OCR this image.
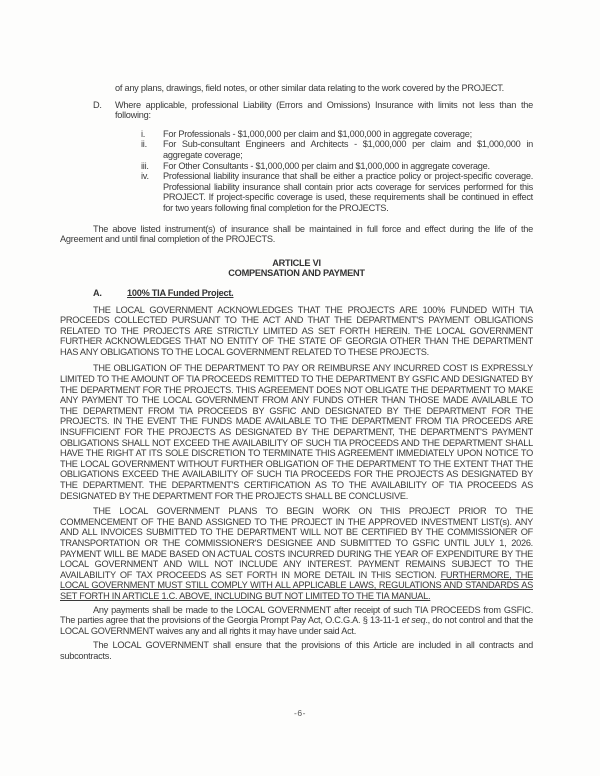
of any plans, drawings, field notes, or other similar data relating to the work covered by the PROJECT.

D. Where applicable, professional Liability (Errors and Omissions) Insurance with limits not less than the following:

i. For Professionals - $1,000,000 per claim and $1,000,000 in aggregate coverage;

ii. For Sub-consultant Engineers and Architects - $1,000,000 per claim and $1,000,000 in aggregate coverage;

iii. For Other Consultants - $1,000,000 per claim and $1,000,000 in aggregate coverage.

iv. Professional liability insurance that shall be either a practice policy or project-specific coverage. Professional liability insurance shall contain prior acts coverage for services performed for this PROJECT. If project-specific coverage is used, these requirements shall be continued in effect for two years following final completion for the PROJECTS.

The above listed instrument(s) of insurance shall be maintained in full force and effect during the life of the Agreement and until final completion of the PROJECTS.

ARTICLE VI
COMPENSATION AND PAYMENT
A.	100% TIA Funded Project.

THE LOCAL GOVERNMENT ACKNOWLEDGES THAT THE PROJECTS ARE 100% FUNDED WITH TIA PROCEEDS COLLECTED PURSUANT TO THE ACT AND THAT THE DEPARTMENT'S PAYMENT OBLIGATIONS RELATED TO THE PROJECTS ARE STRICTLY LIMITED AS SET FORTH HEREIN. THE LOCAL GOVERNMENT FURTHER ACKNOWLEDGES THAT NO ENTITY OF THE STATE OF GEORGIA OTHER THAN THE DEPARTMENT HAS ANY OBLIGATIONS TO THE LOCAL GOVERNMENT RELATED TO THESE PROJECTS.

THE OBLIGATION OF THE DEPARTMENT TO PAY OR REIMBURSE ANY INCURRED COST IS EXPRESSLY LIMITED TO THE AMOUNT OF TIA PROCEEDS REMITTED TO THE DEPARTMENT BY GSFIC AND DESIGNATED BY THE DEPARTMENT FOR THE PROJECTS. THIS AGREEMENT DOES NOT OBLIGATE THE DEPARTMENT TO MAKE ANY PAYMENT TO THE LOCAL GOVERNMENT FROM ANY FUNDS OTHER THAN THOSE MADE AVAILABLE TO THE DEPARTMENT FROM TIA PROCEEDS BY GSFIC AND DESIGNATED BY THE DEPARTMENT FOR THE PROJECTS. IN THE EVENT THE FUNDS MADE AVAILABLE TO THE DEPARTMENT FROM TIA PROCEEDS ARE INSUFFICIENT FOR THE PROJECTS AS DESIGNATED BY THE DEPARTMENT, THE DEPARTMENT'S PAYMENT OBLIGATIONS SHALL NOT EXCEED THE AVAILABILITY OF SUCH TIA PROCEEDS AND THE DEPARTMENT SHALL HAVE THE RIGHT AT ITS SOLE DISCRETION TO TERMINATE THIS AGREEMENT IMMEDIATELY UPON NOTICE TO THE LOCAL GOVERNMENT WITHOUT FURTHER OBLIGATION OF THE DEPARTMENT TO THE EXTENT THAT THE OBLIGATIONS EXCEED THE AVAILABILITY OF SUCH TIA PROCEEDS FOR THE PROJECTS AS DESIGNATED BY THE DEPARTMENT. THE DEPARTMENT'S CERTIFICATION AS TO THE AVAILABILITY OF TIA PROCEEDS AS DESIGNATED BY THE DEPARTMENT FOR THE PROJECTS SHALL BE CONCLUSIVE.

THE LOCAL GOVERNMENT PLANS TO BEGIN WORK ON THIS PROJECT PRIOR TO THE COMMENCEMENT OF THE BAND ASSIGNED TO THE PROJECT IN THE APPROVED INVESTMENT LIST(s). ANY AND ALL INVOICES SUBMITTED TO THE DEPARTMENT WILL NOT BE CERTIFIED BY THE COMMISSIONER OF TRANSPORTATION OR THE COMMISSIONER'S DESIGNEE AND SUBMITTED TO GSFIC UNTIL JULY 1, 2026. PAYMENT WILL BE MADE BASED ON ACTUAL COSTS INCURRED DURING THE YEAR OF EXPENDITURE BY THE LOCAL GOVERNMENT AND WILL NOT INCLUDE ANY INTEREST. PAYMENT REMAINS SUBJECT TO THE AVAILABILITY OF TAX PROCEEDS AS SET FORTH IN MORE DETAIL IN THIS SECTION. FURTHERMORE, THE LOCAL GOVERNMENT MUST STILL COMPLY WITH ALL APPLICABLE LAWS, REGULATIONS AND STANDARDS AS SET FORTH IN ARTICLE 1.C. ABOVE, INCLUDING BUT NOT LIMITED TO THE TIA MANUAL.

Any payments shall be made to the LOCAL GOVERNMENT after receipt of such TIA PROCEEDS from GSFIC. The parties agree that the provisions of the Georgia Prompt Pay Act, O.C.G.A. § 13-11-1 et seq., do not control and that the LOCAL GOVERNMENT waives any and all rights it may have under said Act.

The LOCAL GOVERNMENT shall ensure that the provisions of this Article are included in all contracts and subcontracts.

-6-
